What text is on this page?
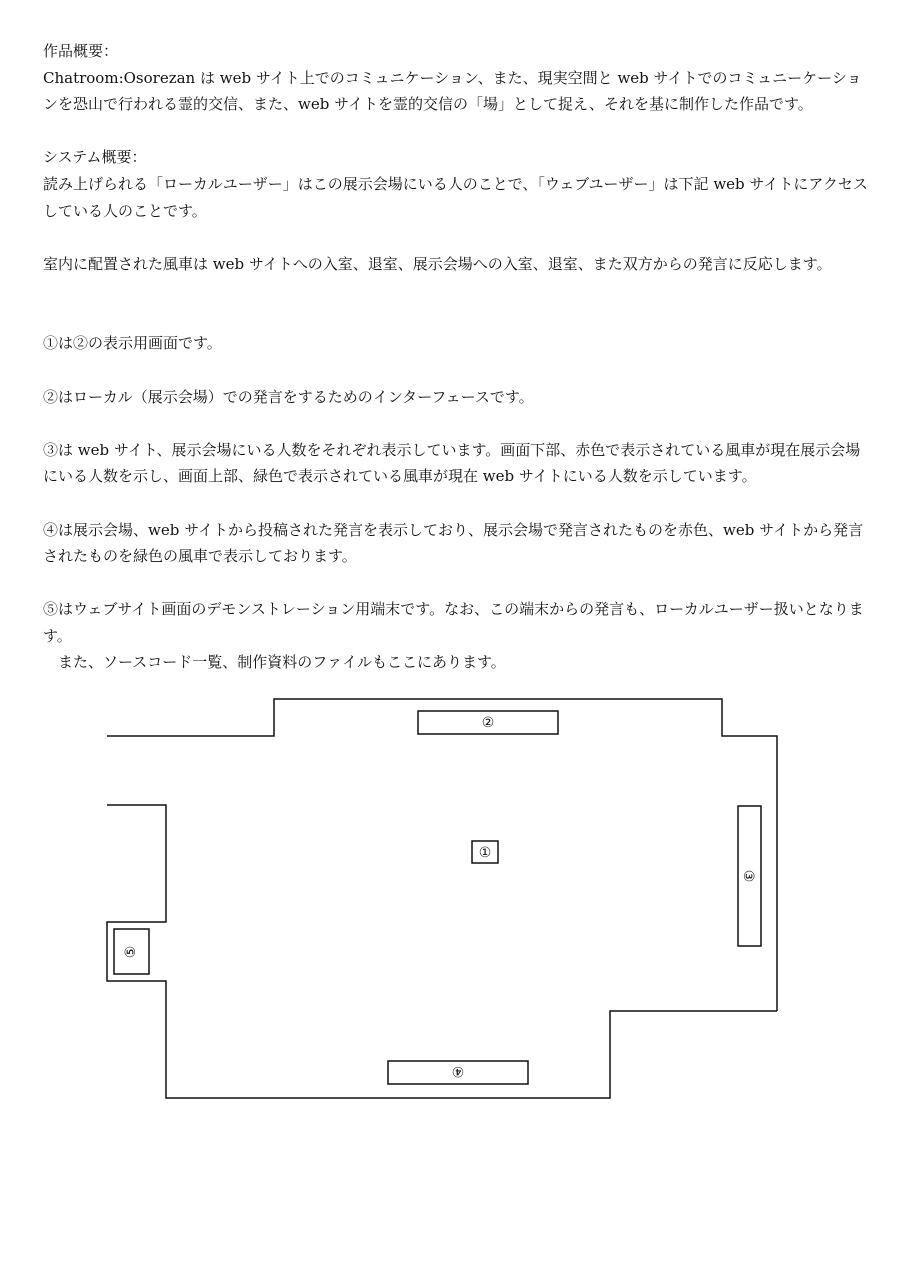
作品概要：

Chatroom:Osorezan は web サイト上でのコミュニケーション、また、現実空間と web サイトでのコミュニーケーションを恐山で行われる霊的交信、また、web サイトを霊的交信の「場」として捉え、それを基に制作した作品です。

システム概要：

読み上げられる「ローカルユーザー」はこの展示会場にいる人のことで、「ウェブユーザー」は下記 web サイトにアクセスしている人のことです。

室内に配置された風車は web サイトへの入室、退室、展示会場への入室、退室、また双方からの発言に反応します。

①は②の表示用画面です。

②はローカル（展示会場）での発言をするためのインターフェースです。

③は web サイト、展示会場にいる人数をそれぞれ表示しています。画面下部、赤色で表示されている風車が現在展示会場にいる人数を示し、画面上部、緑色で表示されている風車が現在 web サイトにいる人数を示しています。

④は展示会場、web サイトから投稿された発言を表示しており、展示会場で発言されたものを赤色、web サイトから発言されたものを緑色の風車で表示しております。

⑤はウェブサイト画面のデモンストレーション用端末です。なお、この端末からの発言も、ローカルユーザー扱いとなります。

また、ソースコード一覧、制作資料のファイルもここにあります。

①
②
③
④
⑤
